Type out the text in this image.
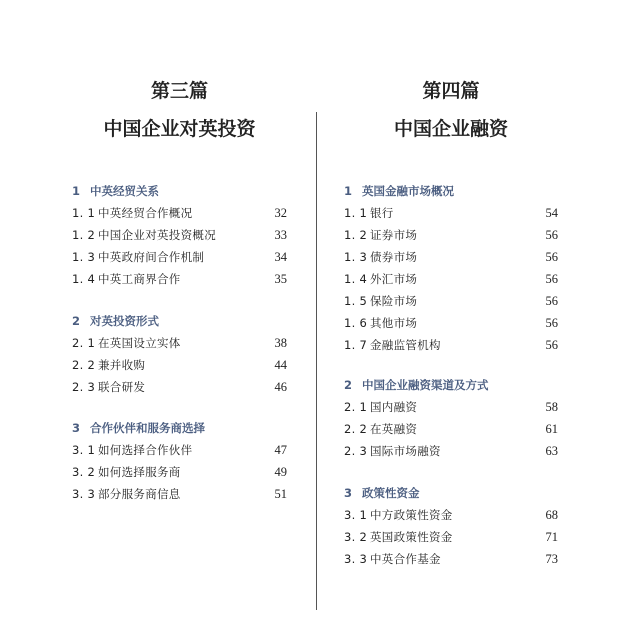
第三篇
中国企业对英投资
1 中英经贸关系
1. 1 中英经贸合作概况	32
1. 2 中国企业对英投资概况	33
1. 3 中英政府间合作机制	34
1. 4 中英工商界合作	35
2 对英投资形式
2. 1 在英国设立实体	38
2. 2 兼并收购	44
2. 3 联合研发	46
3 合作伙伴和服务商选择
3. 1 如何选择合作伙伴	47
3. 2 如何选择服务商	49
3. 3 部分服务商信息	51
第四篇
中国企业融资
1 英国金融市场概况
1. 1 银行	54
1. 2 证券市场	56
1. 3 债券市场	56
1. 4 外汇市场	56
1. 5 保险市场	56
1. 6 其他市场	56
1. 7 金融监管机构	56
2 中国企业融资渠道及方式
2. 1 国内融资	58
2. 2 在英融资	61
2. 3 国际市场融资	63
3 政策性资金
3. 1 中方政策性资金	68
3. 2 英国政策性资金	71
3. 3 中英合作基金	73
